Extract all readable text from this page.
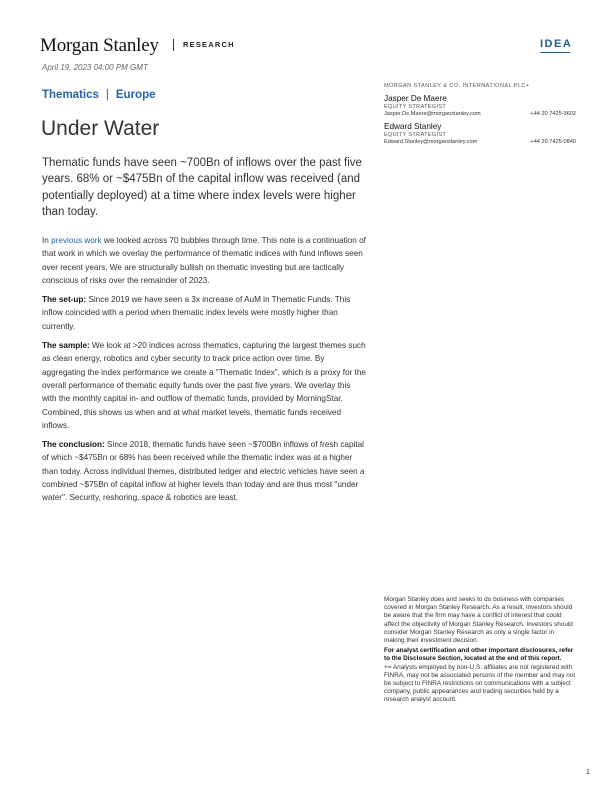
Morgan Stanley	RESEARCH	IDEA
April 19, 2023 04:00 PM GMT
Thematics | Europe
Under Water
Thematic funds have seen ~700Bn of inflows over the past five years. 68% or ~$475Bn of the capital inflow was received (and potentially deployed) at a time where index levels were higher than today.

In previous work we looked across 70 bubbles through time. This note is a continuation of that work in which we overlay the performance of thematic indices with fund inflows seen over recent years, We are structurally bullish on thematic investing but are tactically conscious of risks over the remainder of 2023.

The set-up: Since 2019 we have seen a 3x increase of AuM in Thematic Funds. This inflow coincided with a period when thematic index levels were mostly higher than currently.

The sample: We look at >20 indices across thematics, capturing the largest themes such as clean energy, robotics and cyber security to track price action over time. By aggregating the index performance we create a "Thematic Index", which is a proxy for the overall performance of thematic equity funds over the past five years. We overlay this with the monthly capital in- and outflow of thematic funds, provided by MorningStar. Combined, this shows us when and at what market levels, thematic funds received inflows.

The conclusion: Since 2018, thematic funds have seen ~$700Bn inflows of fresh capital of which ~$475Bn or 68% has been received while the thematic index was at a higher than today. Across individual themes, distributed ledger and electric vehicles have seen a combined ~$75Bn of capital inflow at higher levels than today and are thus most "under water". Security, reshoring, space & robotics are least.

MORGAN STANLEY & CO. INTERNATIONAL PLC+
Jasper De Maere
EQUITY STRATEGIST
Jasper.De.Maere@morganstanley.com	+44 20 7425-3602
Edward Stanley
EQUITY STRATEGIST
Edward.Stanley@morganstanley.com	+44 20 7425-0840
Morgan Stanley does and seeks to do business with companies covered in Morgan Stanley Research. As a result, investors should be aware that the firm may have a conflict of interest that could affect the objectivity of Morgan Stanley Research. Investors should consider Morgan Stanley Research as only a single factor in making their investment decision.
For analyst certification and other important disclosures, refer to the Disclosure Section, located at the end of this report.
+= Analysts employed by non-U.S. affiliates are not registered with FINRA, may not be associated persons of the member and may not be subject to FINRA restrictions on communications with a subject company, public appearances and trading securities held by a research analyst account.
1
